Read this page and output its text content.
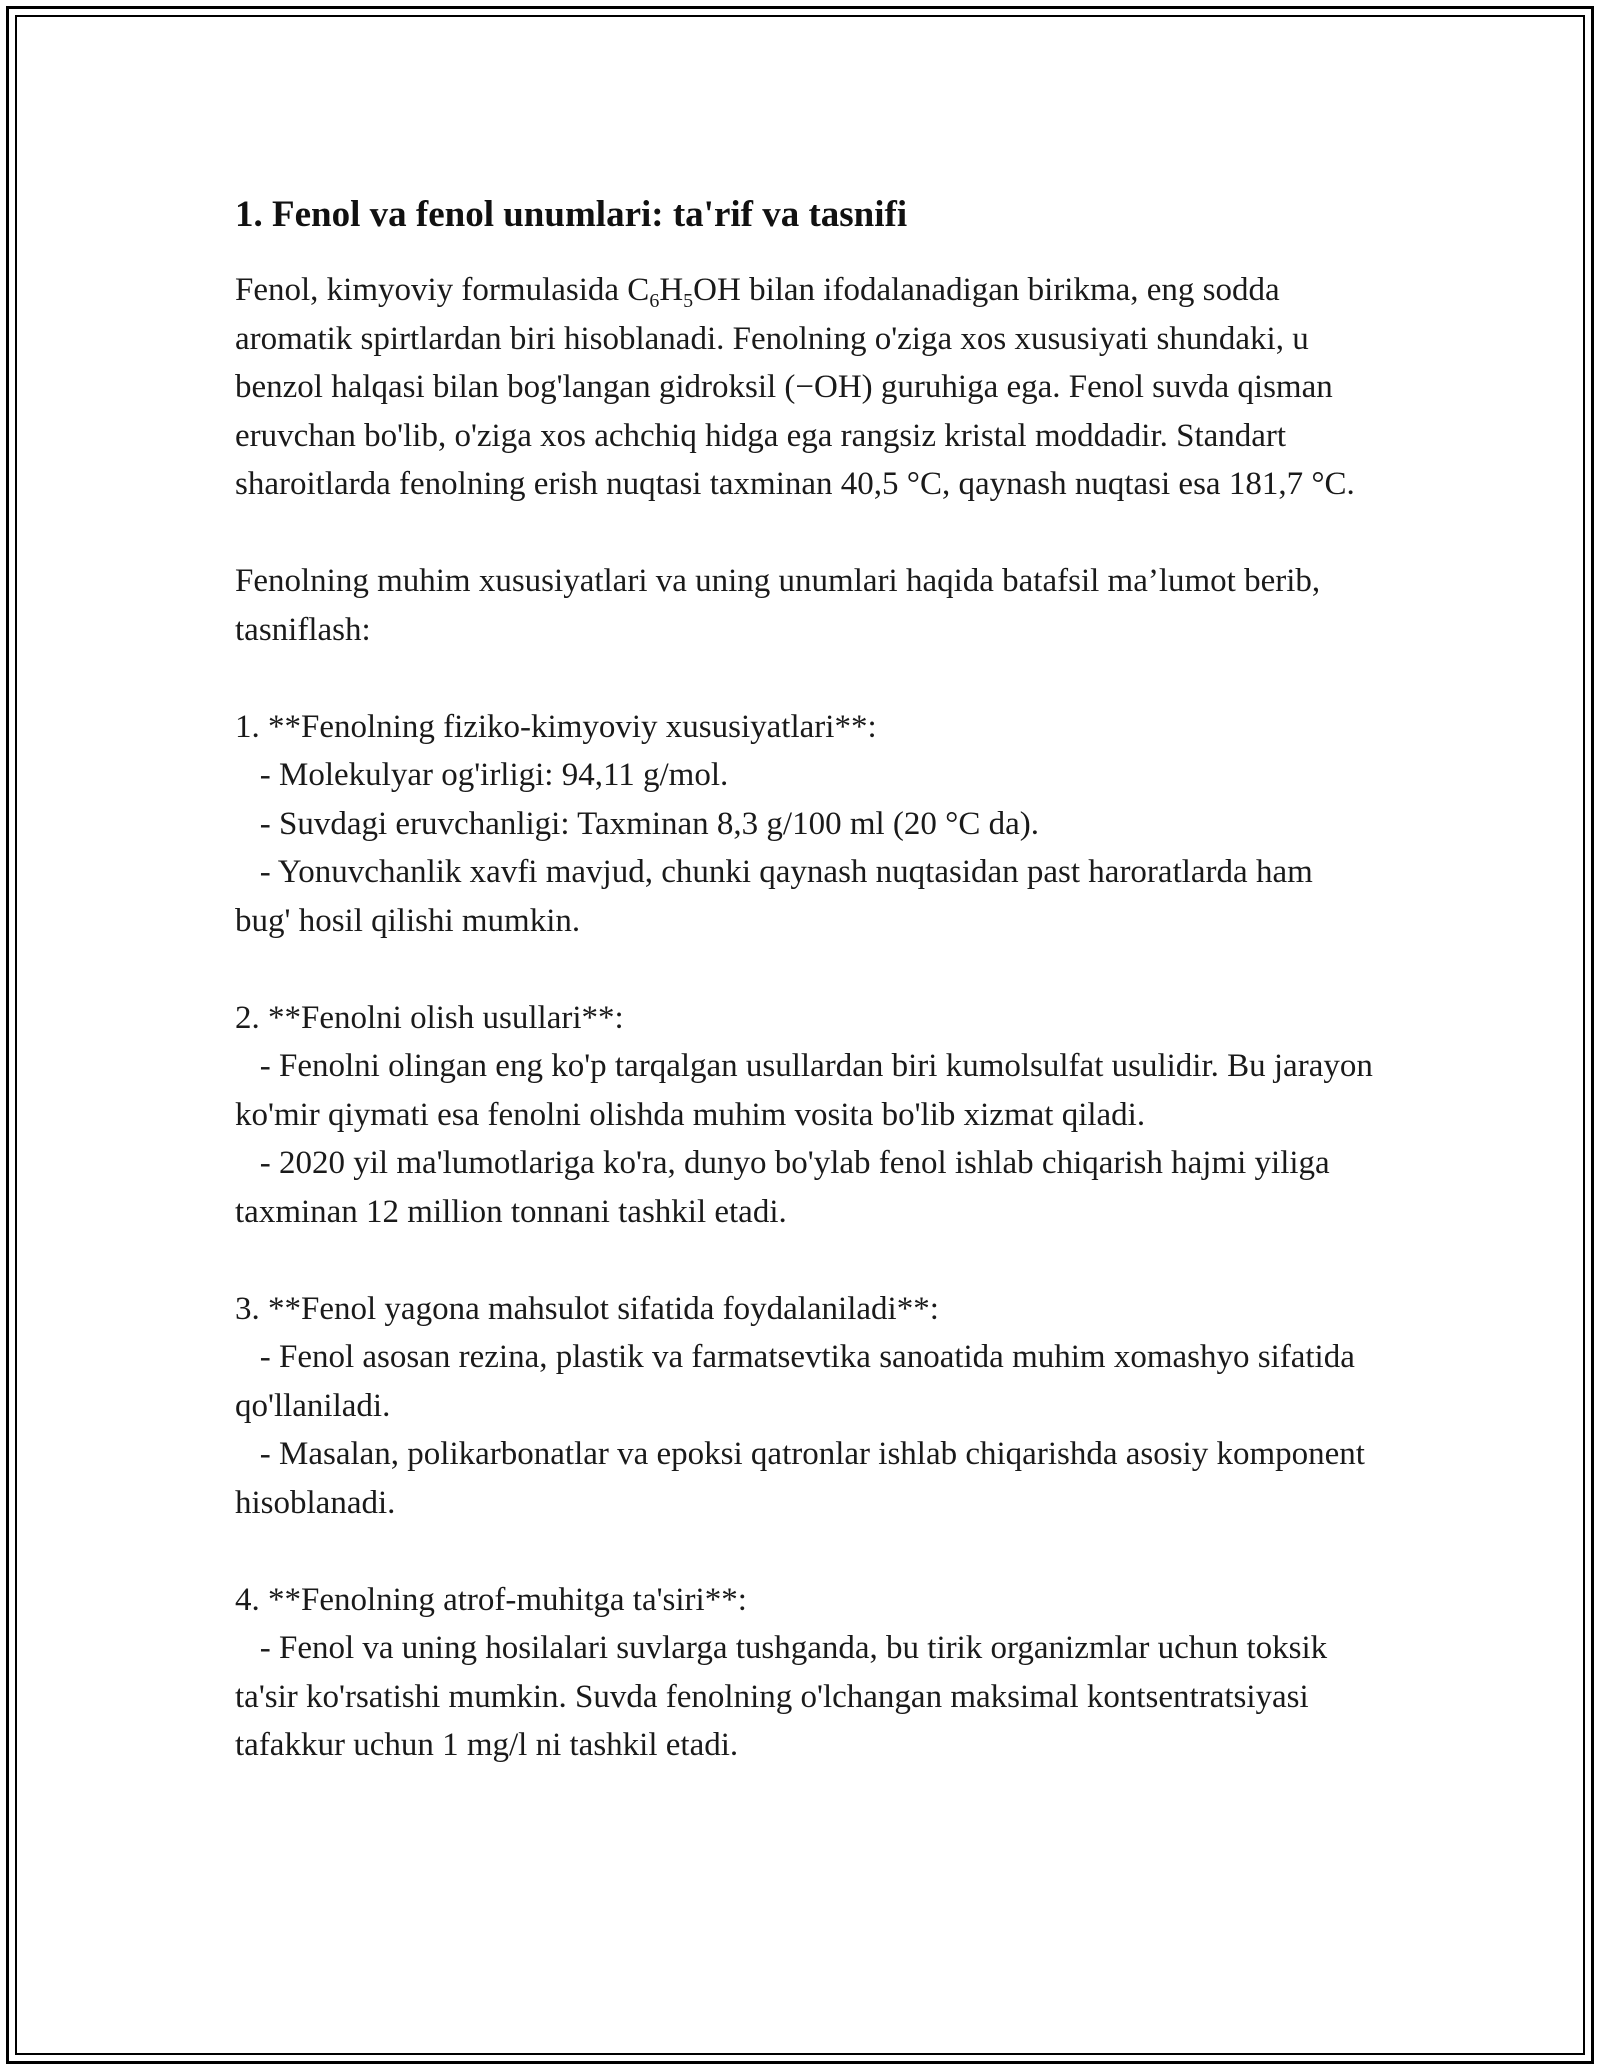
1. Fenol va fenol unumlari: ta'rif va tasnifi

Fenol, kimyoviy formulasida $C_6H_5OH$ bilan ifodalanadigan birikma, eng sodda aromatik spirtlardan biri hisoblanadi. Fenolning o'ziga xos xususiyati shundaki, u benzol halqasi bilan bog'langan gidroksil (−OH) guruhiga ega. Fenol suvda qisman eruvchan bo'lib, o'ziga xos achchiq hidga ega rangsiz kristal moddadir. Standart sharoitlarda fenolning erish nuqtasi taxminan 40,5 °C, qaynash nuqtasi esa 181,7 °C.

Fenolning muhim xususiyatlari va uning unumlari haqida batafsil ma’lumot berib, tasniflash:

1. **Fenolning fiziko-kimyoviy xususiyatlari**:

- Molekulyar og'irligi: 94,11 g/mol.

- Suvdagi eruvchanligi: Taxminan 8,3 g/100 ml (20 °C da).

- Yonuvchanlik xavfi mavjud, chunki qaynash nuqtasidan past haroratlarda ham bug' hosil qilishi mumkin.

2. **Fenolni olish usullari**:

- Fenolni olingan eng ko'p tarqalgan usullardan biri kumolsulfat usulidir. Bu jarayon ko'mir qiymati esa fenolni olishda muhim vosita bo'lib xizmat qiladi.

- 2020 yil ma'lumotlariga ko'ra, dunyo bo'ylab fenol ishlab chiqarish hajmi yiliga taxminan 12 million tonnani tashkil etadi.

3. **Fenol yagona mahsulot sifatida foydalaniladi**:

- Fenol asosan rezina, plastik va farmatsevtika sanoatida muhim xomashyo sifatida qo'llaniladi.

- Masalan, polikarbonatlar va epoksi qatronlar ishlab chiqarishda asosiy komponent hisoblanadi.

4. **Fenolning atrof-muhitga ta'siri**:

- Fenol va uning hosilalari suvlarga tushganda, bu tirik organizmlar uchun toksik ta'sir ko'rsatishi mumkin. Suvda fenolning o'lchangan maksimal kontsentratsiyasi tafakkur uchun 1 mg/l ni tashkil etadi.
